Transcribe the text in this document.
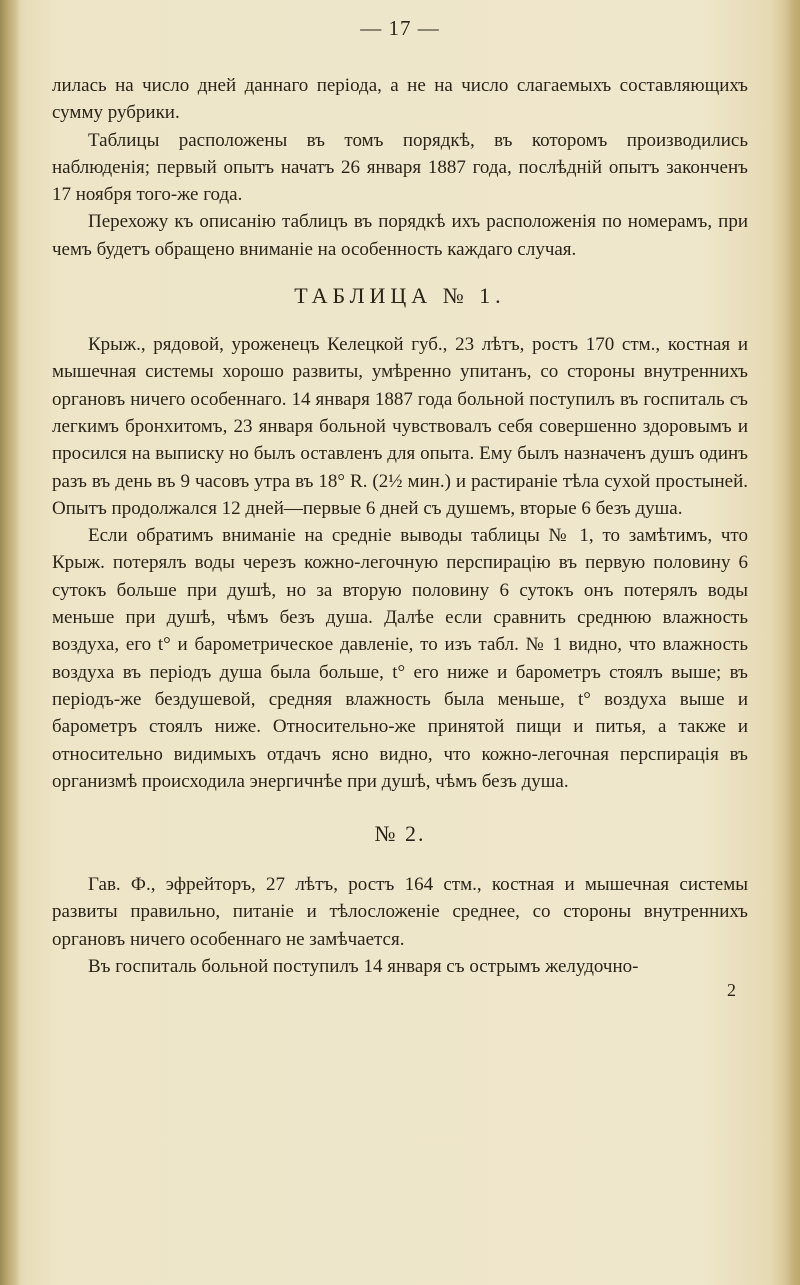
— 17 —

лилась на число дней даннаго періода, а не на число слагаемыхъ составляющихъ сумму рубрики.

Таблицы расположены въ томъ порядкѣ, въ которомъ производились наблюденія; первый опытъ начатъ 26 января 1887 года, послѣдній опытъ законченъ 17 ноября того-же года.

Перехожу къ описанію таблицъ въ порядкѣ ихъ расположенія по номерамъ, при чемъ будетъ обращено вниманіе на особенность каждаго случая.

ТАБЛИЦА № 1.

Крыж., рядовой, уроженецъ Келецкой губ., 23 лѣтъ, ростъ 170 стм., костная и мышечная системы хорошо развиты, умѣренно упитанъ, со стороны внутреннихъ органовъ ничего особеннаго. 14 января 1887 года больной поступилъ въ госпиталь съ легкимъ бронхитомъ, 23 января больной чувствовалъ себя совершенно здоровымъ и просился на выписку но былъ оставленъ для опыта. Ему былъ назначенъ душъ одинъ разъ въ день въ 9 часовъ утра въ 18° R. (2½ мин.) и растираніе тѣла сухой простыней. Опытъ продолжался 12 дней—первые 6 дней съ душемъ, вторые 6 безъ душа.

Если обратимъ вниманіе на средніе выводы таблицы № 1, то замѣтимъ, что Крыж. потерялъ воды черезъ кожно-легочную перспирацію въ первую половину 6 сутокъ больше при душѣ, но за вторую половину 6 сутокъ онъ потерялъ воды меньше при душѣ, чѣмъ безъ душа. Далѣе если сравнить среднюю влажность воздуха, его t° и барометрическое давленіе, то изъ табл. № 1 видно, что влажность воздуха въ періодъ душа была больше, t° его ниже и барометръ стоялъ выше; въ періодъ-же бездушевой, средняя влажность была меньше, t° воздуха выше и барометръ стоялъ ниже. Относительно-же принятой пищи и питья, а также и относительно видимыхъ отдачъ ясно видно, что кожно-легочная перспирація въ организмѣ происходила энергичнѣе при душѣ, чѣмъ безъ душа.

№ 2.

Гав. Ф., эфрейторъ, 27 лѣтъ, ростъ 164 стм., костная и мышечная системы развиты правильно, питаніе и тѣлосложеніе среднее, со стороны внутреннихъ органовъ ничего особеннаго не замѣчается.

Въ госпиталь больной поступилъ 14 января съ острымъ желудочно-

2
